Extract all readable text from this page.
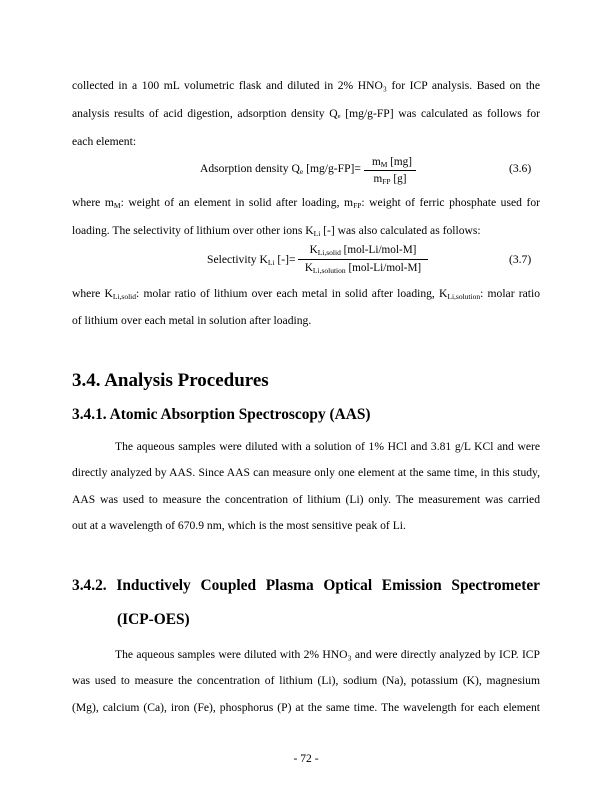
collected in a 100 mL volumetric flask and diluted in 2% HNO₃ for ICP analysis. Based on the
analysis results of acid digestion, adsorption density Qₑ [mg/g-FP] was calculated as follows for
each element:
Adsorption density $Q_e$ $[mg/g-FP]= m_M$ [mg]
$m_{FP}$ [g]
(3.6)
where $m_M$: weight of an element in solid after loading, $m_{FP}$: weight of ferric phosphate used for
loading. The selectivity of lithium over other ions $K_{Li}$ [-] was also calculated as follows:
Selectivity $K_{Li}$ [-]=
$K_{Li,solid}$ [mol-Li/mol-M]
$K_{Li,solution}$ [mol-Li/mol-M]
(3.7)
where $K_{Li,solid}$: molar ratio of lithium over each metal in solid after loading, $K_{Li,solution}$: molar ratio
of lithium over each metal in solution after loading.
3.4. Analysis Procedures
3.4.1. Atomic Absorption Spectroscopy (AAS)
The aqueous samples were diluted with a solution of 1% HCl and 3.81 g/L KCl and were
directly analyzed by AAS. Since AAS can measure only one element at the same time, in this study,
AAS was used to measure the concentration of lithium (Li) only. The measurement was carried
out at a wavelength of 670.9 nm, which is the most sensitive peak of Li.
3.4.2. Inductively Coupled Plasma Optical Emission Spectrometer
(ICP-OES)
The aqueous samples were diluted with 2% HNO₃ and were directly analyzed by ICP. ICP
was used to measure the concentration of lithium (Li), sodium (Na), potassium (K), magnesium
(Mg), calcium (Ca), iron (Fe), phosphorus (P) at the same time. The wavelength for each element
- 72 -
